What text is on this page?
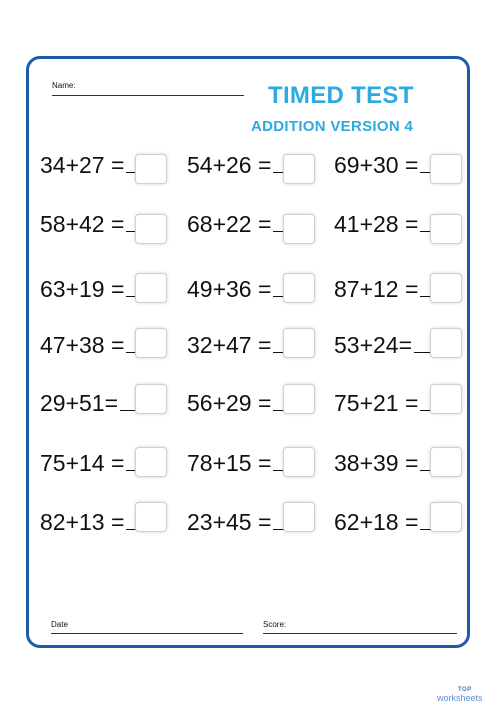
Name:	TIMED TEST
ADDITION VERSION 4
34+27 =	54+26 =	69+30 =
58+42 =	68+22 =	41+28 =
63+19 =	49+36 =	87+12 =
47+38 =	32+47 =	53+24=
29+51=	56+29 =	75+21 =
75+14 =	78+15 =	38+39 =
82+13 =	23+45 =	62+18 =
Date	Score:
TOP
worksheets
